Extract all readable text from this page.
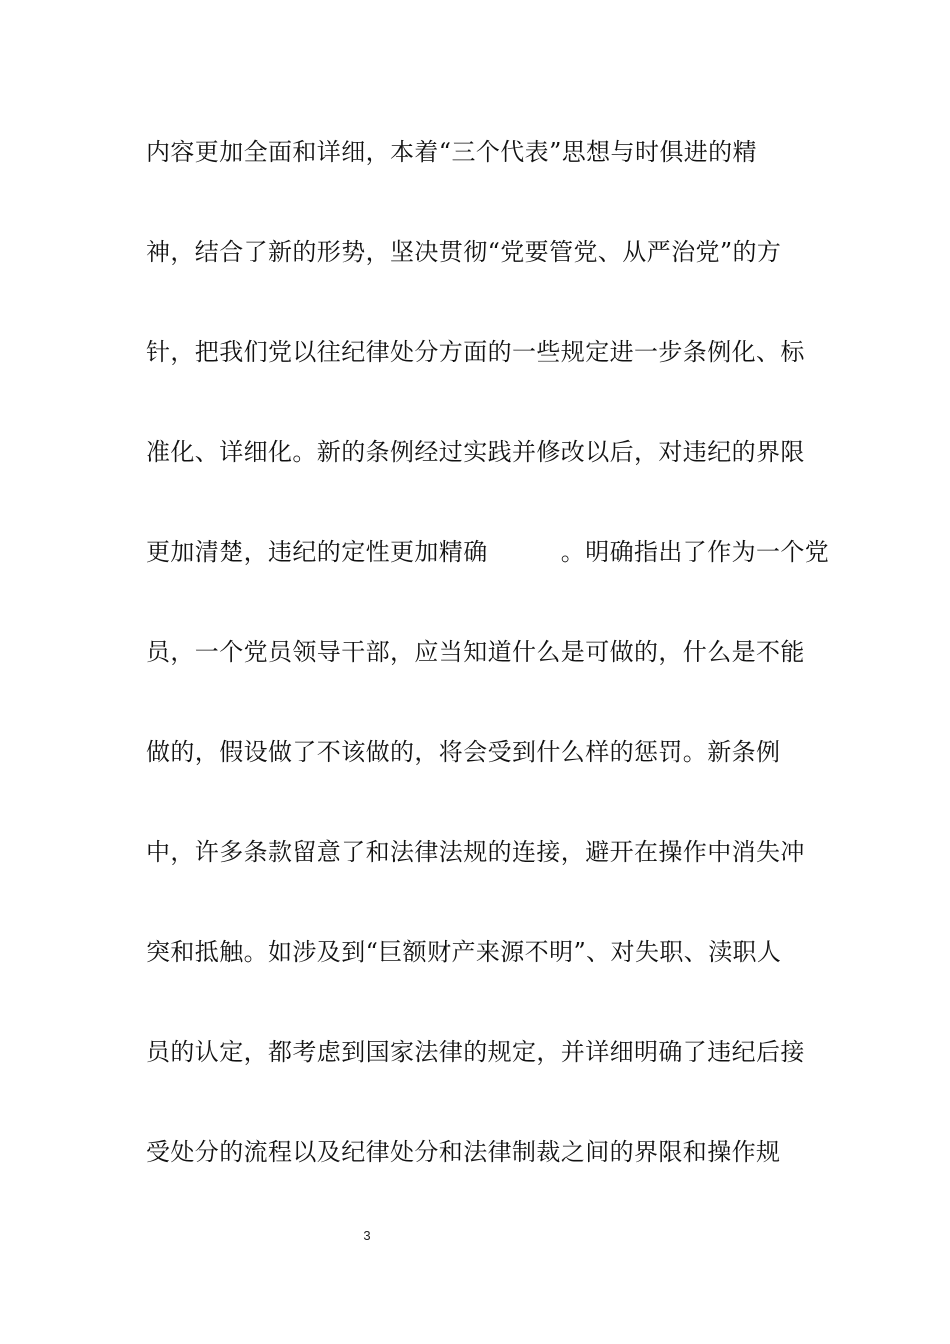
内容更加全面和详细，本着“三个代表”思想与时俱进的精
神，结合了新的形势，坚决贯彻“党要管党、从严治党”的方
针，把我们党以往纪律处分方面的一些规定进一步条例化、标
准化、详细化。新的条例经过实践并修改以后，对违纪的界限
更加清楚，违纪的定性更加精确　　　。明确指出了作为一个党
员，一个党员领导干部，应当知道什么是可做的，什么是不能
做的，假设做了不该做的，将会受到什么样的惩罚。新条例
中，许多条款留意了和法律法规的连接，避开在操作中消失冲
突和抵触。如涉及到“巨额财产来源不明”、对失职、渎职人
员的认定，都考虑到国家法律的规定，并详细明确了违纪后接
受处分的流程以及纪律处分和法律制裁之间的界限和操作规
3
